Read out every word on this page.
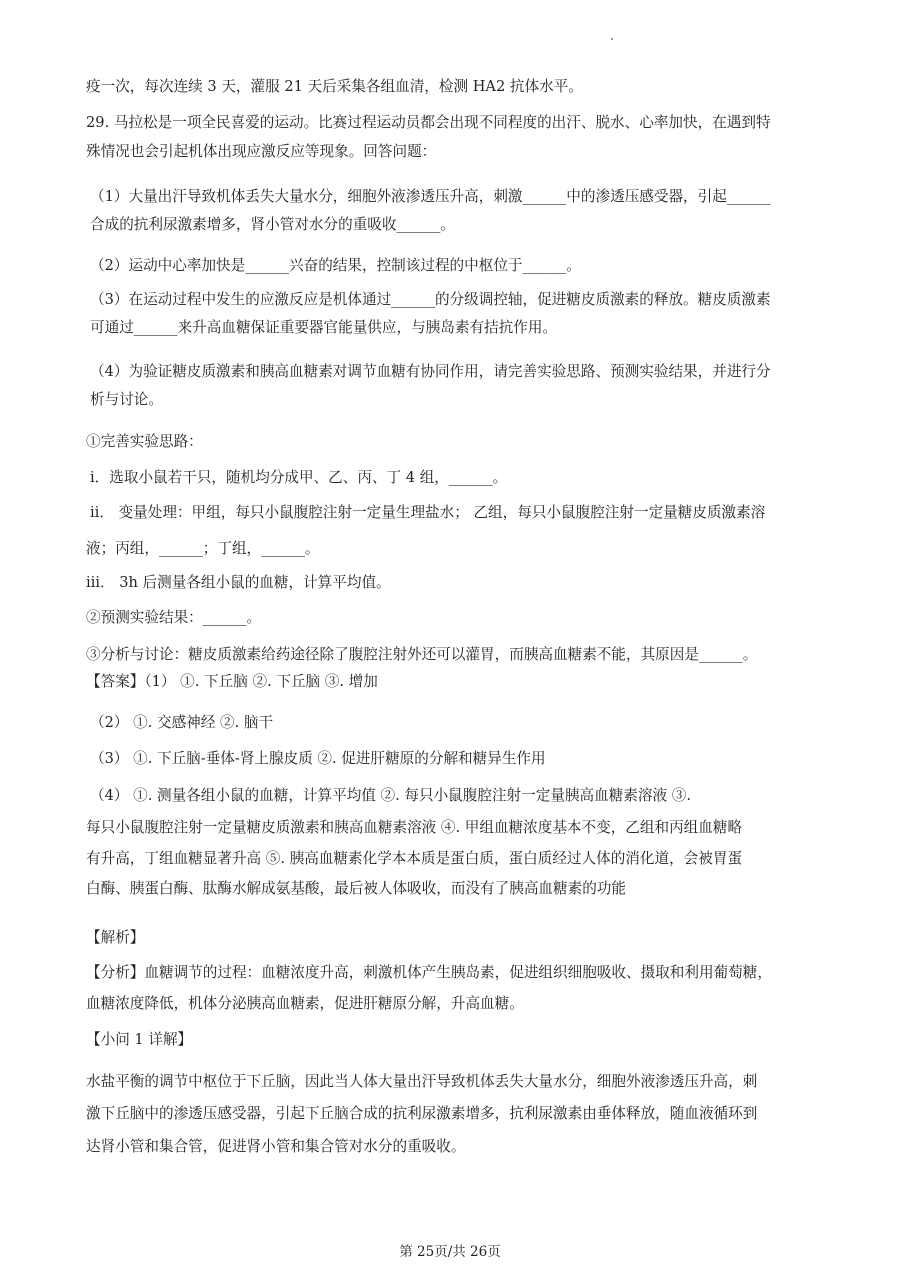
疫一次，每次连续 3 天，灌服 21 天后采集各组血清，检测 HA2 抗体水平。
29. 马拉松是一项全民喜爱的运动。比赛过程运动员都会出现不同程度的出汗、脱水、心率加快，在遇到特
殊情况也会引起机体出现应激反应等现象。回答问题：
（1）大量出汗导致机体丢失大量水分，细胞外液渗透压升高，刺激______中的渗透压感受器，引起______
合成的抗利尿激素增多，肾小管对水分的重吸收______。
（2）运动中心率加快是______兴奋的结果，控制该过程的中枢位于______。
（3）在运动过程中发生的应激反应是机体通过______的分级调控轴，促进糖皮质激素的释放。糖皮质激素
可通过______来升高血糖保证重要器官能量供应，与胰岛素有拮抗作用。
（4）为验证糖皮质激素和胰高血糖素对调节血糖有协同作用，请完善实验思路、预测实验结果，并进行分
析与讨论。
①完善实验思路：
ⅰ．选取小鼠若干只，随机均分成甲、乙、丙、丁 4 组，______。
ⅱ． 变量处理：甲组，每只小鼠腹腔注射一定量生理盐水； 乙组，每只小鼠腹腔注射一定量糖皮质激素溶
液；丙组，______；丁组，______。
ⅲ． 3h 后测量各组小鼠的血糖，计算平均值。
②预测实验结果：______。
③分析与讨论：糖皮质激素给药途径除了腹腔注射外还可以灌胃，而胰高血糖素不能，其原因是______。
【答案】（1） ①. 下丘脑 ②. 下丘脑 ③. 增加
（2） ①. 交感神经 ②. 脑干
（3） ①. 下丘脑-垂体-肾上腺皮质 ②. 促进肝糖原的分解和糖异生作用
（4） ①. 测量各组小鼠的血糖，计算平均值 ②. 每只小鼠腹腔注射一定量胰高血糖素溶液 ③.
每只小鼠腹腔注射一定量糖皮质激素和胰高血糖素溶液 ④. 甲组血糖浓度基本不变，乙组和丙组血糖略
有升高，丁组血糖显著升高 ⑤. 胰高血糖素化学本本质是蛋白质，蛋白质经过人体的消化道，会被胃蛋
白酶、胰蛋白酶、肽酶水解成氨基酸，最后被人体吸收，而没有了胰高血糖素的功能
【解析】
【分析】血糖调节的过程：血糖浓度升高，刺激机体产生胰岛素，促进组织细胞吸收、摄取和利用葡萄糖，
血糖浓度降低，机体分泌胰高血糖素，促进肝糖原分解，升高血糖。
【小问 1 详解】
水盐平衡的调节中枢位于下丘脑，因此当人体大量出汗导致机体丢失大量水分，细胞外液渗透压升高，刺
激下丘脑中的渗透压感受器，引起下丘脑合成的抗利尿激素增多，抗利尿激素由垂体释放，随血液循环到
达肾小管和集合管，促进肾小管和集合管对水分的重吸收。
第 25页/共 26页
